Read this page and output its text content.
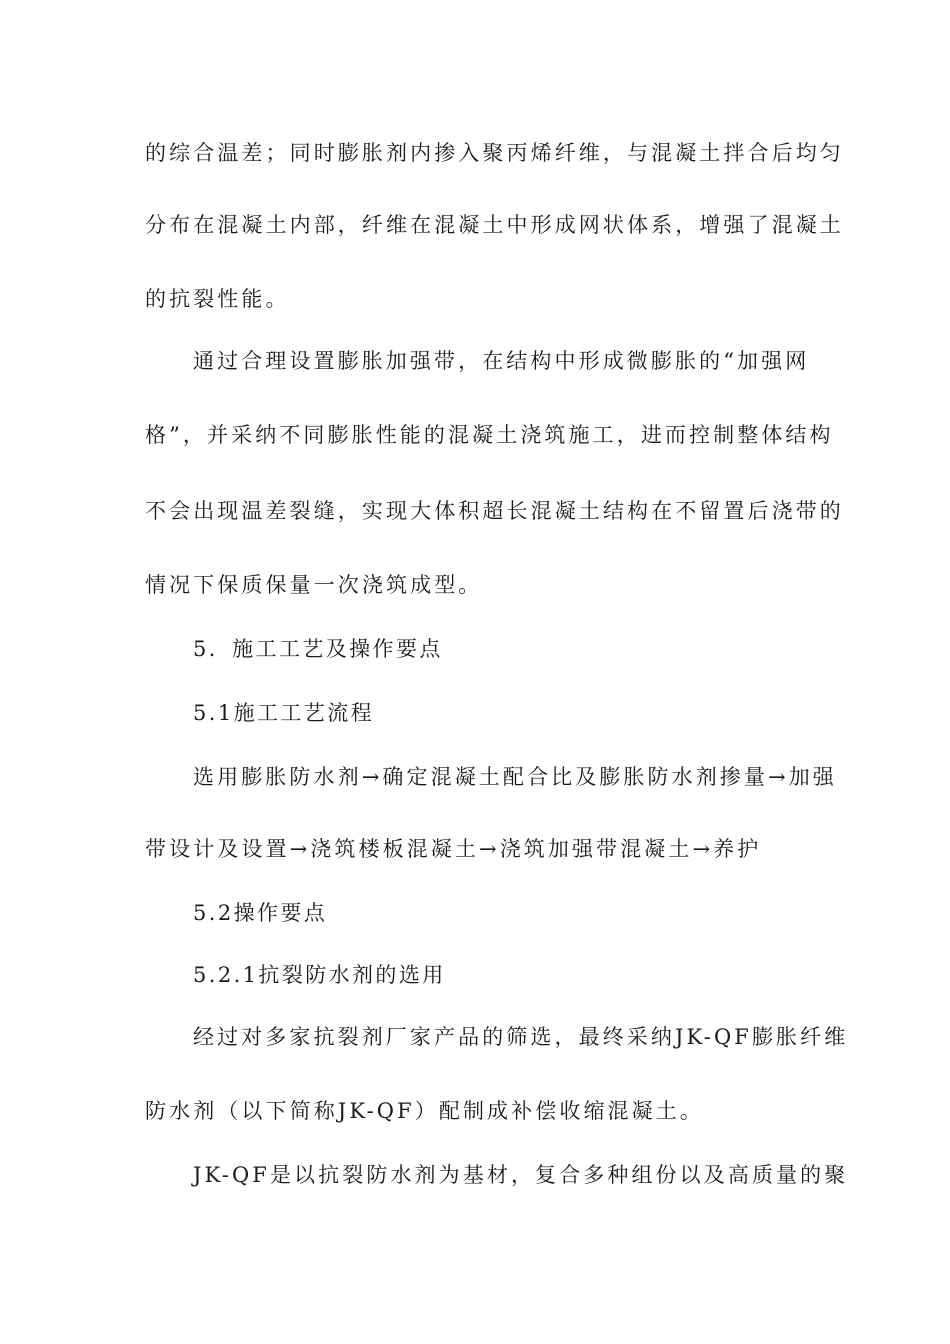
的综合温差；同时膨胀剂内掺入聚丙烯纤维，与混凝土拌合后均匀
分布在混凝土内部，纤维在混凝土中形成网状体系，增强了混凝土
的抗裂性能。
通过合理设置膨胀加强带，在结构中形成微膨胀的“加强网
格”，并采纳不同膨胀性能的混凝土浇筑施工，进而控制整体结构
不会出现温差裂缝，实现大体积超长混凝土结构在不留置后浇带的
情况下保质保量一次浇筑成型。
5．施工工艺及操作要点
5.1施工工艺流程
选用膨胀防水剂→确定混凝土配合比及膨胀防水剂掺量→加强
带设计及设置→浇筑楼板混凝土→浇筑加强带混凝土→养护
5.2操作要点
5.2.1抗裂防水剂的选用
经过对多家抗裂剂厂家产品的筛选，最终采纳JK-QF膨胀纤维
防水剂（以下简称JK-QF）配制成补偿收缩混凝土。
JK-QF是以抗裂防水剂为基材，复合多种组份以及高质量的聚
